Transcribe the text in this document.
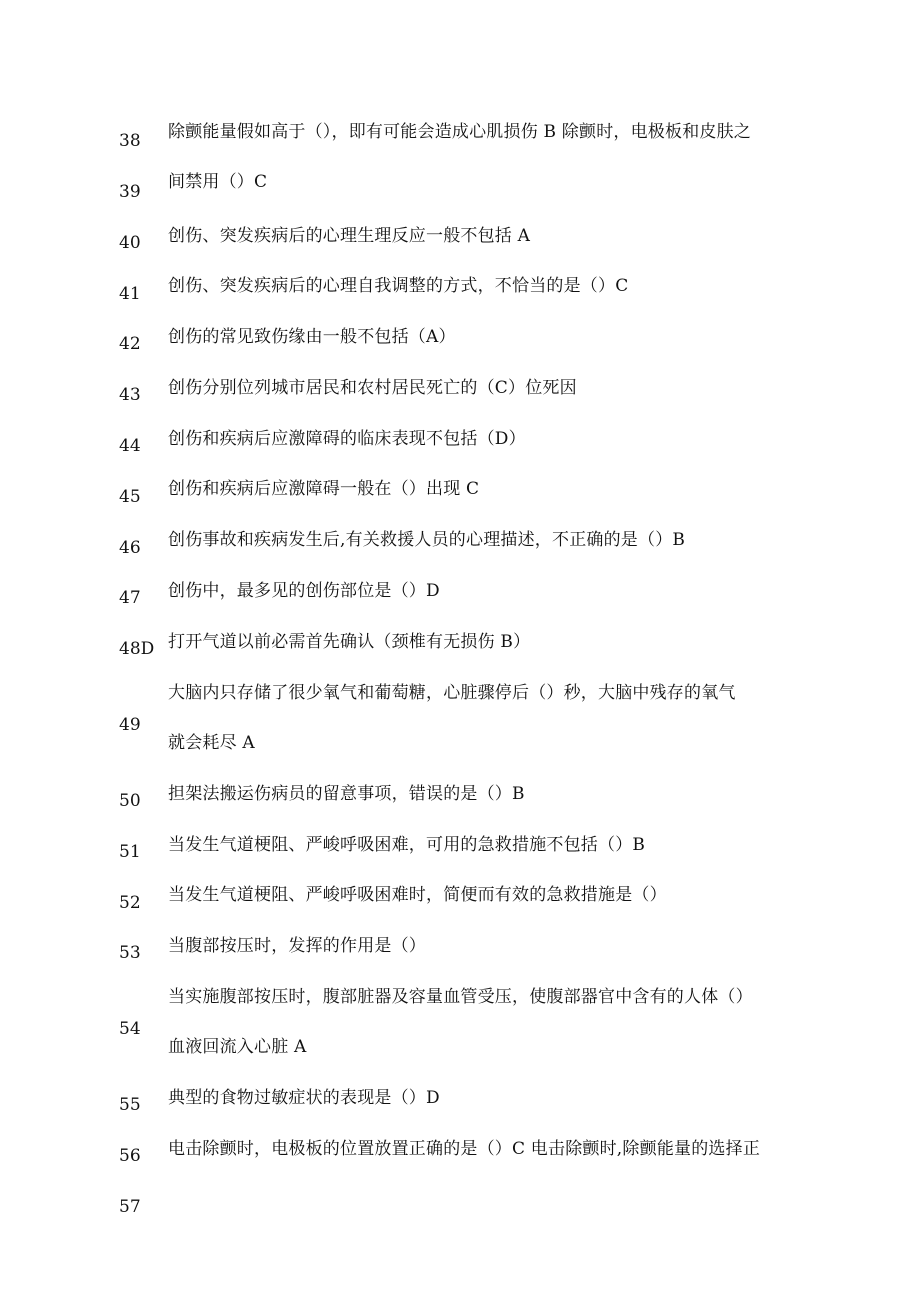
38 除颤能量假如高于（），即有可能会造成心肌损伤 B 除颤时，电极板和皮肤之
39 间禁用（）C
40 创伤、突发疾病后的心理生理反应一般不包括 A
41 创伤、突发疾病后的心理自我调整的方式，不恰当的是（）C
42 创伤的常见致伤缘由一般不包括（A）
43 创伤分别位列城市居民和农村居民死亡的（C）位死因
44 创伤和疾病后应激障碍的临床表现不包括（D）
45 创伤和疾病后应激障碍一般在（）出现 C
46 创伤事故和疾病发生后,有关救援人员的心理描述，不正确的是（）B
47 创伤中，最多见的创伤部位是（）D
48D 打开气道以前必需首先确认（颈椎有无损伤 B）
49
大脑内只存储了很少氧气和葡萄糖，心脏骤停后（）秒，大脑中残存的氧气
就会耗尽 A
50 担架法搬运伤病员的留意事项，错误的是（）B
51 当发生气道梗阻、严峻呼吸困难，可用的急救措施不包括（）B
52 当发生气道梗阻、严峻呼吸困难时，简便而有效的急救措施是（）
53 当腹部按压时，发挥的作用是（）
54
当实施腹部按压时，腹部脏器及容量血管受压，使腹部器官中含有的人体（）
血液回流入心脏 A
55 典型的食物过敏症状的表现是（）D
56 电击除颤时，电极板的位置放置正确的是（）C 电击除颤时,除颤能量的选择正
57
